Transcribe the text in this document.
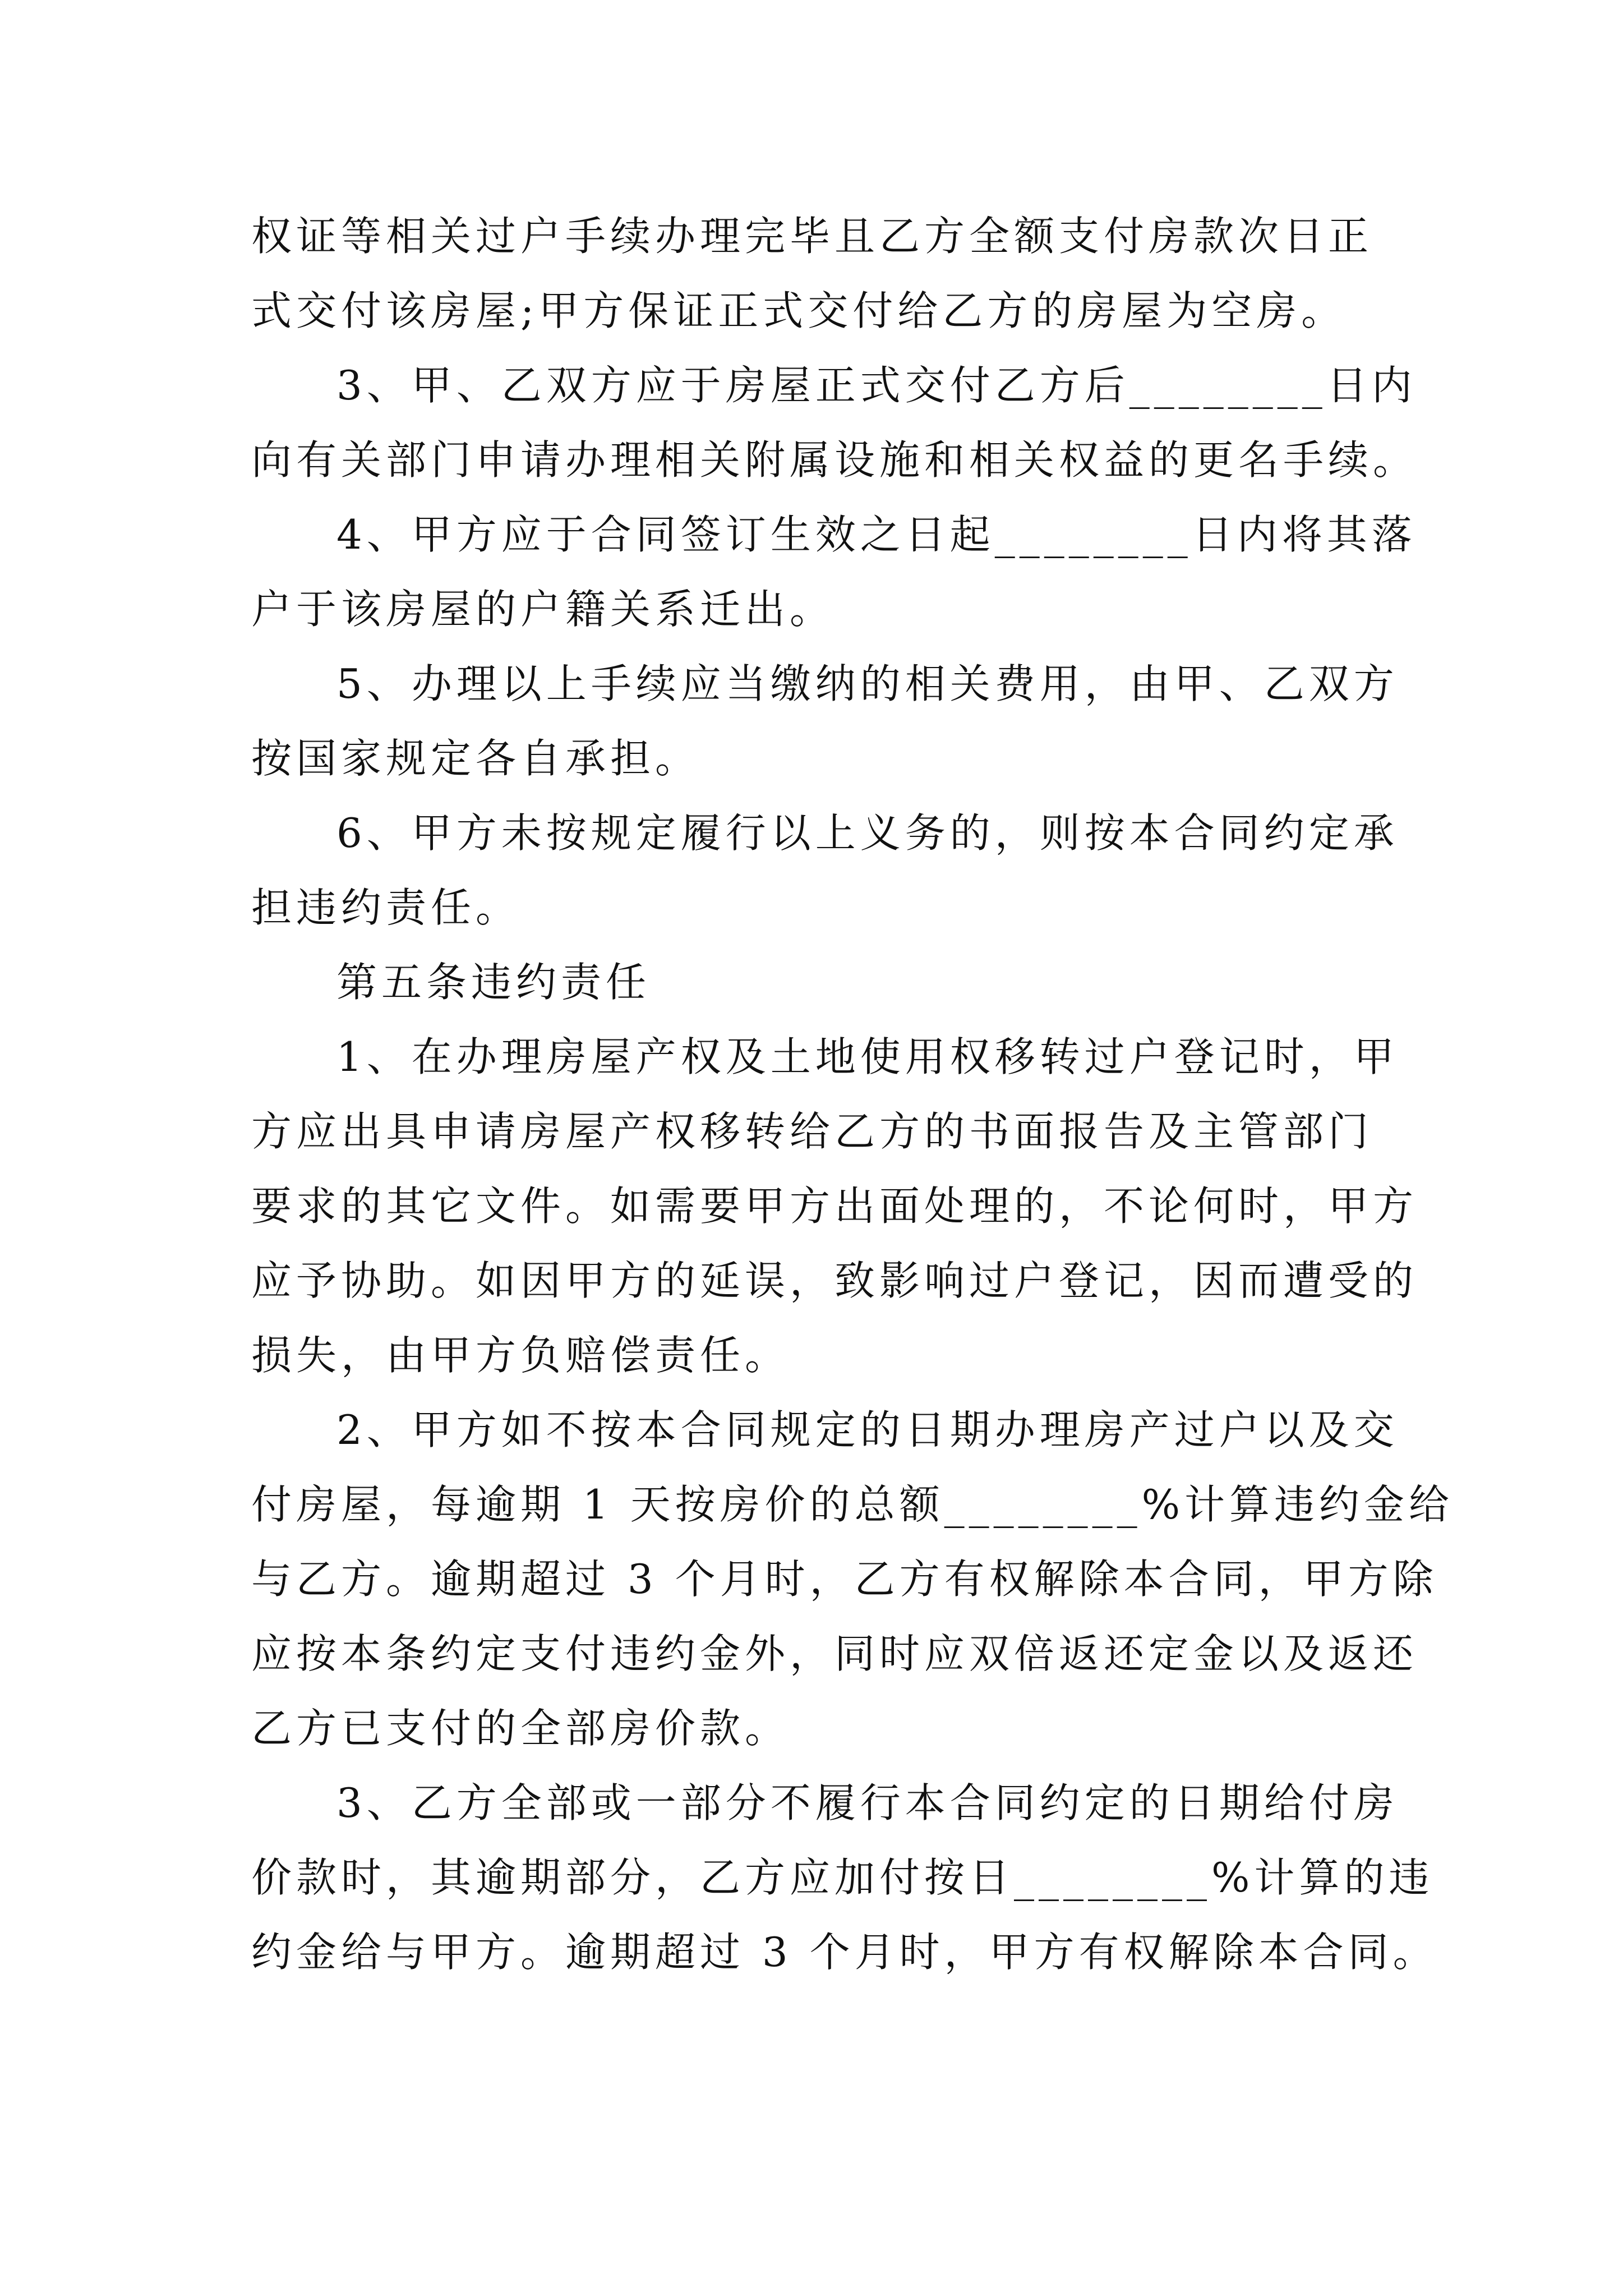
权证等相关过户手续办理完毕且乙方全额支付房款次日正
式交付该房屋;甲方保证正式交付给乙方的房屋为空房。
3、甲、乙双方应于房屋正式交付乙方后________日内
向有关部门申请办理相关附属设施和相关权益的更名手续。
4、甲方应于合同签订生效之日起________日内将其落
户于该房屋的户籍关系迁出。
5、办理以上手续应当缴纳的相关费用，由甲、乙双方
按国家规定各自承担。
6、甲方未按规定履行以上义务的，则按本合同约定承
担违约责任。
第五条违约责任
1、在办理房屋产权及土地使用权移转过户登记时，甲
方应出具申请房屋产权移转给乙方的书面报告及主管部门
要求的其它文件。如需要甲方出面处理的，不论何时，甲方
应予协助。如因甲方的延误，致影响过户登记，因而遭受的
损失，由甲方负赔偿责任。
2、甲方如不按本合同规定的日期办理房产过户以及交
付房屋，每逾期 1 天按房价的总额________%计算违约金给
与乙方。逾期超过 3 个月时，乙方有权解除本合同，甲方除
应按本条约定支付违约金外，同时应双倍返还定金以及返还
乙方已支付的全部房价款。
3、乙方全部或一部分不履行本合同约定的日期给付房
价款时，其逾期部分，乙方应加付按日________%计算的违
约金给与甲方。逾期超过 3 个月时，甲方有权解除本合同。
